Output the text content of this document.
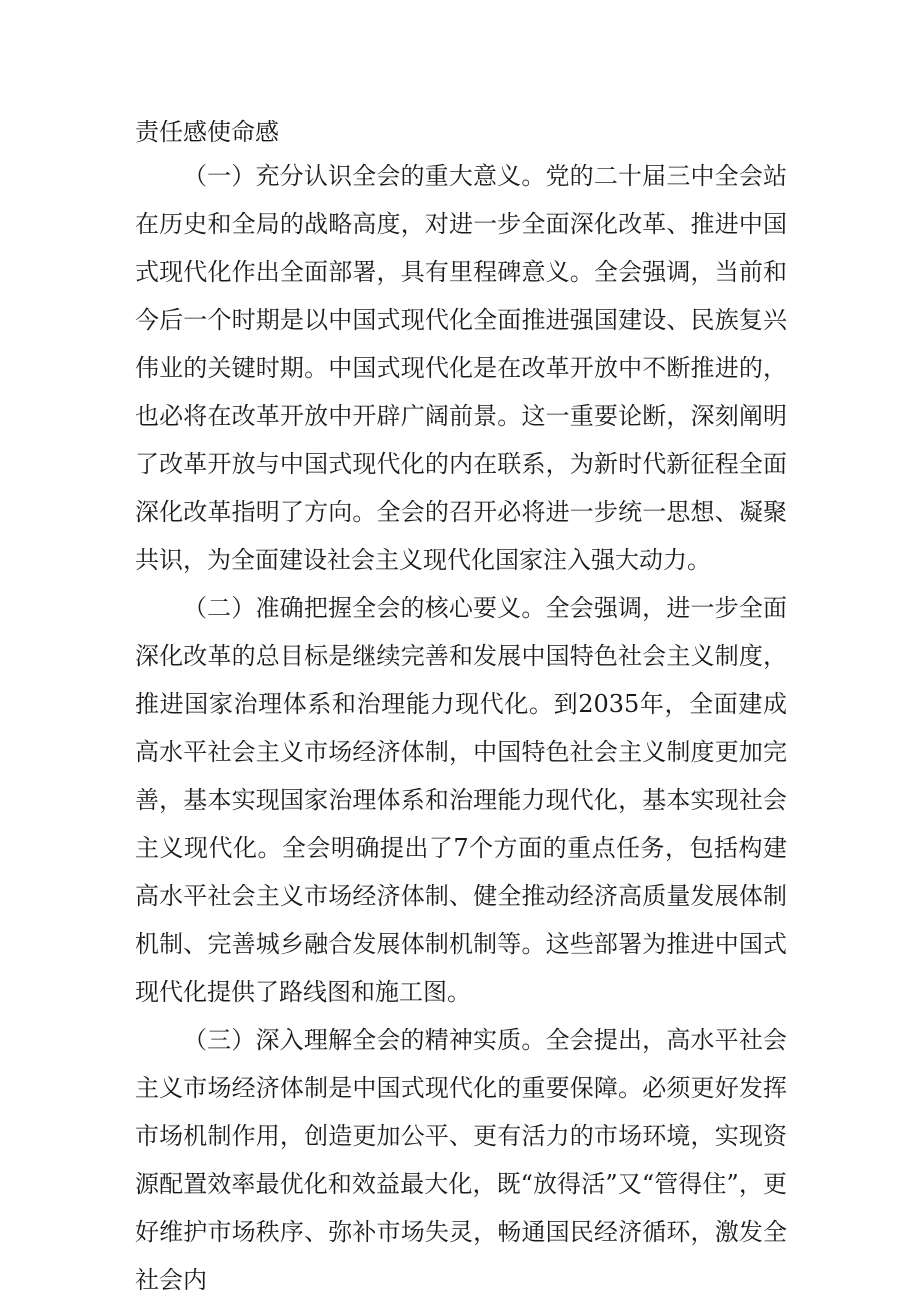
责任感使命感

（一）充分认识全会的重大意义。党的二十届三中全会站在历史和全局的战略高度，对进一步全面深化改革、推进中国式现代化作出全面部署，具有里程碑意义。全会强调，当前和今后一个时期是以中国式现代化全面推进强国建设、民族复兴伟业的关键时期。中国式现代化是在改革开放中不断推进的，也必将在改革开放中开辟广阔前景。这一重要论断，深刻阐明了改革开放与中国式现代化的内在联系，为新时代新征程全面深化改革指明了方向。全会的召开必将进一步统一思想、凝聚共识，为全面建设社会主义现代化国家注入强大动力。

（二）准确把握全会的核心要义。全会强调，进一步全面深化改革的总目标是继续完善和发展中国特色社会主义制度，推进国家治理体系和治理能力现代化。到2035年，全面建成高水平社会主义市场经济体制，中国特色社会主义制度更加完善，基本实现国家治理体系和治理能力现代化，基本实现社会主义现代化。全会明确提出了7个方面的重点任务，包括构建高水平社会主义市场经济体制、健全推动经济高质量发展体制机制、完善城乡融合发展体制机制等。这些部署为推进中国式现代化提供了路线图和施工图。

（三）深入理解全会的精神实质。全会提出，高水平社会主义市场经济体制是中国式现代化的重要保障。必须更好发挥市场机制作用，创造更加公平、更有活力的市场环境，实现资源配置效率最优化和效益最大化，既“放得活”又“管得住”，更好维护市场秩序、弥补市场失灵，畅通国民经济循环，激发全社会内
